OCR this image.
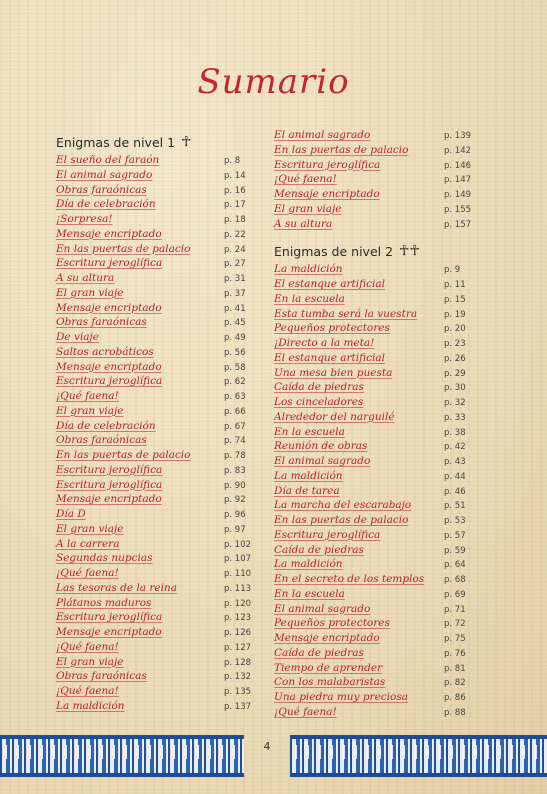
Sumario
Enigmas de nivel 1 ☥
El sueño del faraón	p. 8
El animal sagrado	p. 14
Obras faraónicas	p. 16
Día de celebración	p. 17
¡Sorpresa!	p. 18
Mensaje encriptado	p. 22
En las puertas de palacio	p. 24
Escritura jeroglífica	p. 27
A su altura	p. 31
El gran viaje	p. 37
Mensaje encriptado	p. 41
Obras faraónicas	p. 45
De viaje	p. 49
Saltos acrobáticos	p. 56
Mensaje encriptado	p. 58
Escritura jeroglífica	p. 62
¡Qué faena!	p. 63
El gran viaje	p. 66
Día de celebración	p. 67
Obras faraónicas	p. 74
En las puertas de palacio	p. 78
Escritura jeroglífica	p. 83
Escritura jeroglífica	p. 90
Mensaje encriptado	p. 92
Día D	p. 96
El gran viaje	p. 97
A la carrera	p. 102
Segundas nupcias	p. 107
¡Qué faena!	p. 110
Las tesoras de la reina	p. 113
Plátanos maduros	p. 120
Escritura jeroglífica	p. 123
Mensaje encriptado	p. 126
¡Qué faena!	p. 127
El gran viaje	p. 128
Obras faraónicas	p. 132
¡Qué faena!	p. 135
La maldición	p. 137
El animal sagrado	p. 139
En las puertas de palacio	p. 142
Escritura jeroglífica	p. 146
¡Qué faena!	p. 147
Mensaje encriptado	p. 149
El gran viaje	p. 155
A su altura	p. 157
Enigmas de nivel 2 ☥☥
La maldición	p. 9
El estanque artificial	p. 11
En la escuela	p. 15
Esta tumba será la vuestra	p. 19
Pequeños protectores	p. 20
¡Directo a la meta!	p. 23
El estanque artificial	p. 26
Una mesa bien puesta	p. 29
Caída de piedras	p. 30
Los cinceladores	p. 32
Alrededor del narguilé	p. 33
En la escuela	p. 38
Reunión de obras	p. 42
El animal sagrado	p. 43
La maldición	p. 44
Día de tarea	p. 46
La marcha del escarabajo	p. 51
En las puertas de palacio	p. 53
Escritura jeroglífica	p. 57
Caída de piedras	p. 59
La maldición	p. 64
En el secreto de los templos p. 68
En la escuela	p. 69
El animal sagrado	p. 71
Pequeños protectores	p. 72
Mensaje encriptado	p. 75
Caída de piedras	p. 76
Tiempo de aprender	p. 81
Con los malabaristas	p. 82
Una piedra muy preciosa	p. 86
¡Qué faena!	p. 88
4
